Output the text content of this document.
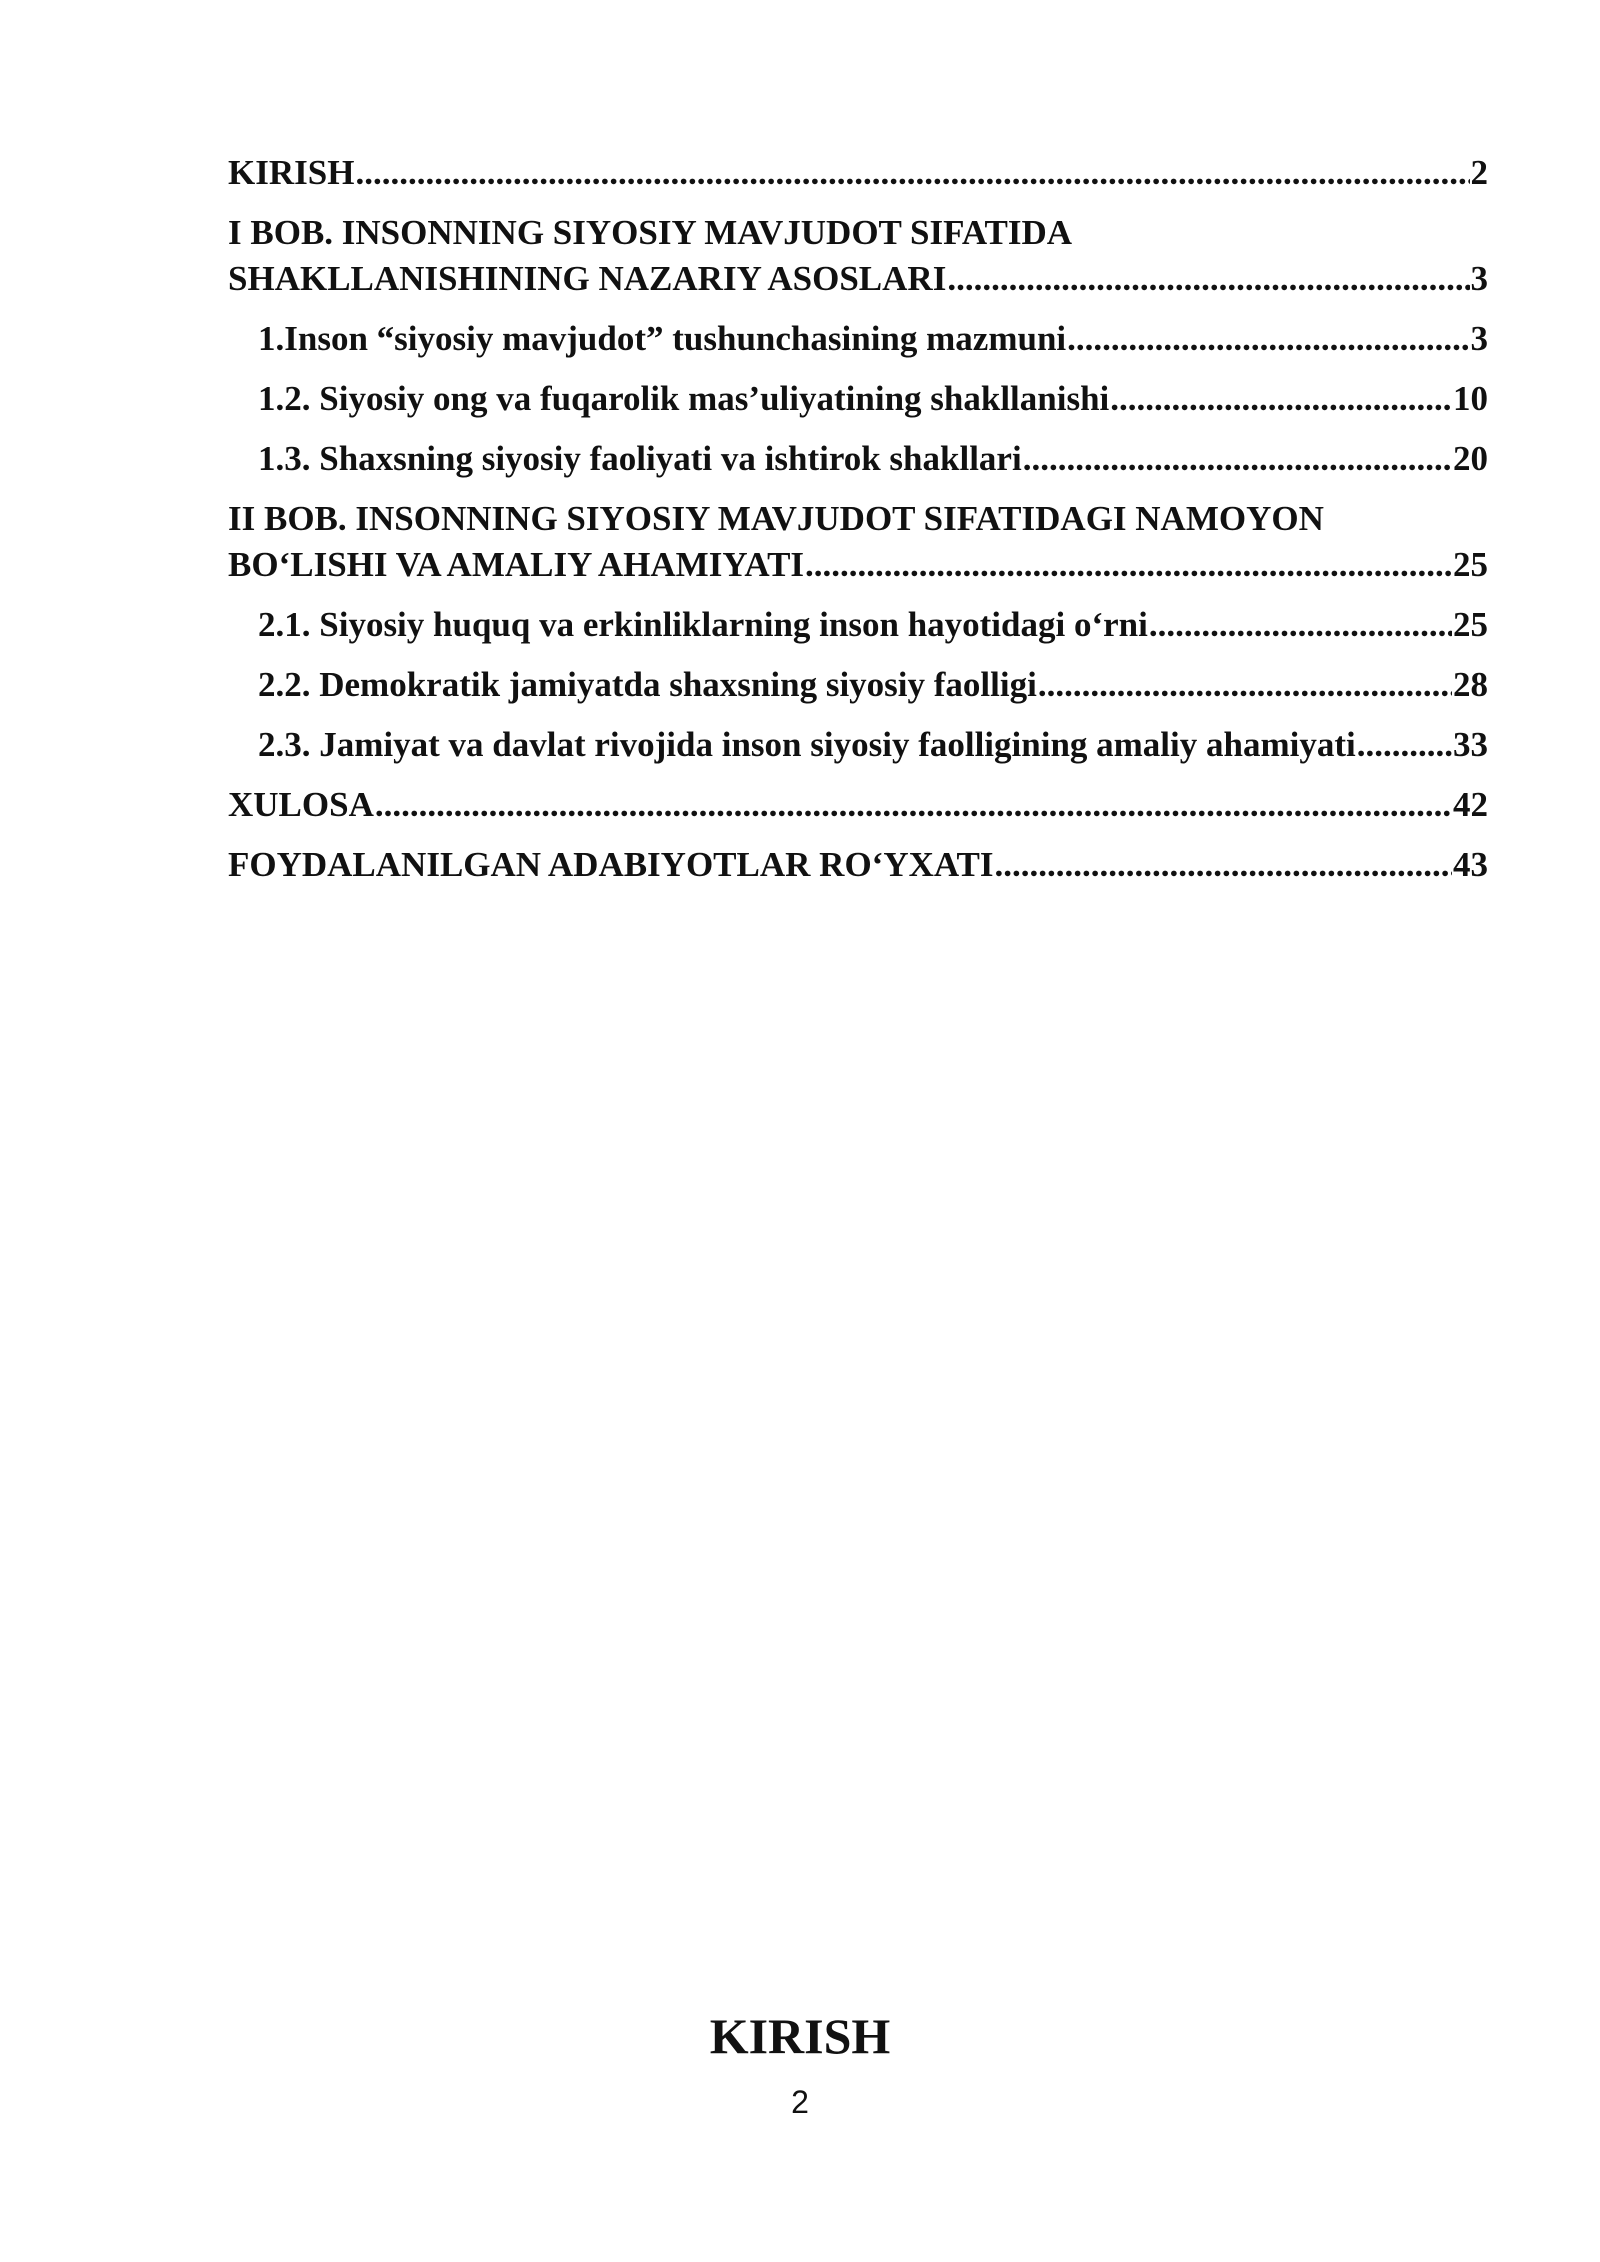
KIRISH .....	2
I BOB. INSONNING SIYOSIY MAVJUDOT SIFATIDA
SHAKLLANISHINING NAZARIY ASOSLARI .....	3
1.Inson “siyosiy mavjudot” tushunchasining mazmuni .....	3
1.2. Siyosiy ong va fuqarolik mas’uliyatining shakllanishi .....	10
1.3. Shaxsning siyosiy faoliyati va ishtirok shakllari .....	20
II BOB. INSONNING SIYOSIY MAVJUDOT SIFATIDAGI NAMOYON
BO‘LISHI VA AMALIY AHAMIYATI .....	25
2.1. Siyosiy huquq va erkinliklarning inson hayotidagi o‘rni .....	25
2.2. Demokratik jamiyatda shaxsning siyosiy faolligi .....	28
2.3. Jamiyat va davlat rivojida inson siyosiy faolligining amaliy ahamiyati .....	33
XULOSA .....	42
FOYDALANILGAN ADABIYOTLAR RO‘YXATI .....	43
KIRISH
2
